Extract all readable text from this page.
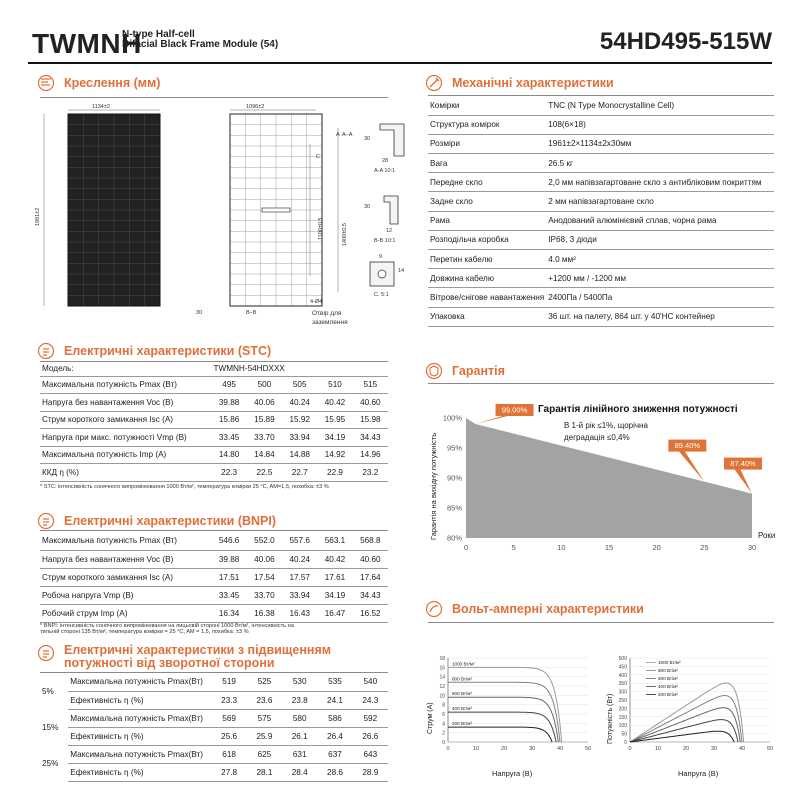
TWMNH
N-type Half-cell
Bifacial Black Frame Module (54)	54HD495-515W
Креслення (мм)
1134±2
1961±2
1096±2
1100±0.5	1400±0.5
A A–A
C
B–B
4-Ø4
30	Отвір для
заземлення
30
28
A-A 10:1
30
12
B-B 10:1
9
14
C. 5:1
Механічні характеристики
Комірки	TNC (N Type Monocrystalline Cell)
Структура комірок	108(6×18)
Розміри	1961±2×1134±2x30мм
Вага	26.5 кг
Передне скло	2,0 мм напівзагартоване скло з антибліковим покриттям
Задне скло	2 мм напівзагартоване скло
Рама	Анодований алюмінієвий сплав, чорна рама
Розподільча коробка	IP68, 3 діоди
Перетин кабелю	4.0 мм²
Довжина кабелю	+1200 мм / -1200 мм
Вітрове/снігове навантаження	2400Па / 5400Па
Упаковка	36 шт. на палету, 864 шт. у 40'HC контейнер
Електричні характеристики (STC)
Модель:	TWMNH-54HDXXX				
Максимальна потужність Pmax (Вт)	495	500	505	510	515
Напруга без навантаження Voc (В)	39.88	40.06	40.24	40.42	40.60
Струм короткого замикання Isc (A)	15.86	15.89	15.92	15.95	15.98
Напруга при макс. потужності Vmp (В)	33.45	33.70	33.94	34.19	34.43
Максимальна потужність Imp (A)	14.80	14.84	14.88	14.92	14.96
ККД η (%)	22.3	22.5	22.7	22.9	23.2
* STC: інтенсивність сонячного випромінювання 1000 Вт/м², температура комірки 25 °C, AM=1,5, похибка: ±3 %
Електричні характеристики (BNPI)
Максимальна потужність Pmax (Вт)	546.6	552.0	557.6	563.1	568.8
Напруга без навантаження Voc (В)	39.88	40.06	40.24	40.42	40.60
Струм короткого замикання Isc (A)	17.51	17.54	17.57	17.61	17.64
Робоча напруга Vmp (В)	33.45	33.70	33.94	34.19	34.43
Робочий струм Imp (A)	16.34	16.38	16.43	16.47	16.52
* BNPI: інтенсивність сонячного випромінювання на лицьовій стороні 1000 Вт/м², інтенсивність на
тильній стороні 135 Вт/м², температура комірки = 25 °C, AM = 1,5, похибка: ±3 %
Електричні характеристики з підвищенням
потужності від зворотної сторони
5%	Максимальна потужність Pmax(Вт)	519	525	530	535	540
	Ефективність η (%)	23.3	23.6	23.8	24.1	24.3
15%	Максимальна потужність Pmax(Вт)	569	575	580	586	592
	Ефективність η (%)	25.6	25.9	26.1	26.4	26.6
25%	Максимальна потужність Pmax(Вт)	618	625	631	637	643
	Ефективність η (%)	27.8	28.1	28.4	28.6	28.9
Гарантія
Гарантія лінійного зниження потужності
В 1-й рік ≤1%, щорічна
деградація ≤0,4%
Роки
Гарантія на вихідну потужність 80%
85%
90%
95%
100%
0	5	10	15	20	25	30
99.00%
89.40%
87.40%
Вольт-амперні характеристики
Струм (A)
Напруга (В)
0
2
4
6
8
10
12
14
16
18
0	10	20	30	40	50
1000 Вт/м²
800 Вт/м²
600 Вт/м²
400 Вт/м²
200 Вт/м²	Потужність (Вт)
Напруга (В)
0
50
100
150
200
250
300
350
400
450
500
0	10	20	30	40	50
1000 Вт/м²
800 Вт/м²
600 Вт/м²
400 Вт/м²
200 Вт/м²
